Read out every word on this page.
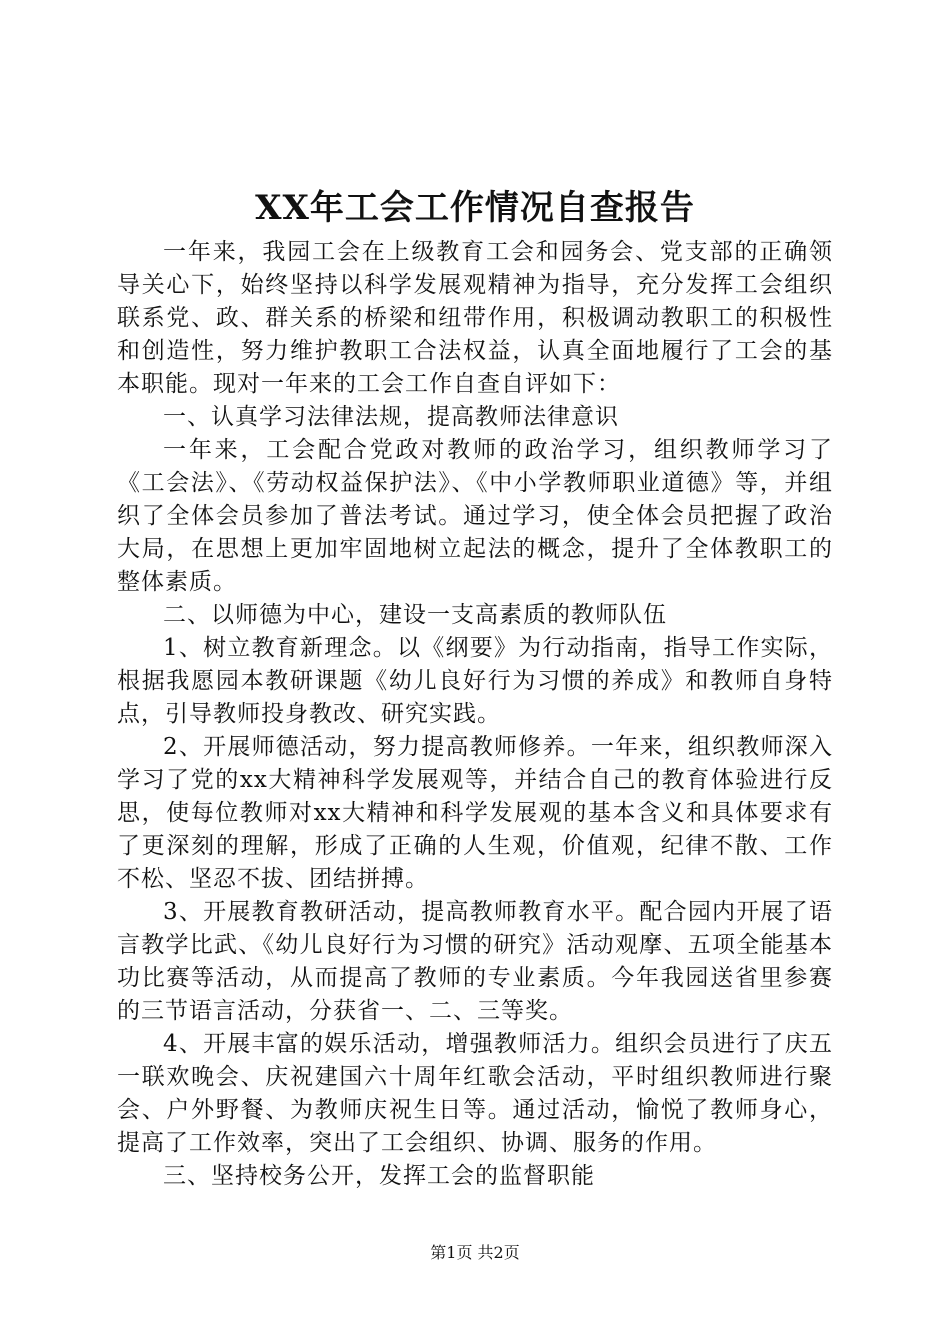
XX年工会工作情况自查报告

一年来，我园工会在上级教育工会和园务会、党支部的正确领导关心下，始终坚持以科学发展观精神为指导，充分发挥工会组织联系党、政、群关系的桥梁和纽带作用，积极调动教职工的积极性和创造性，努力维护教职工合法权益，认真全面地履行了工会的基本职能。现对一年来的工会工作自查自评如下：

一、认真学习法律法规，提高教师法律意识

一年来，工会配合党政对教师的政治学习，组织教师学习了《工会法》、《劳动权益保护法》、《中小学教师职业道德》等，并组织了全体会员参加了普法考试。通过学习，使全体会员把握了政治大局，在思想上更加牢固地树立起法的概念，提升了全体教职工的整体素质。

二、以师德为中心，建设一支高素质的教师队伍

1、树立教育新理念。以《纲要》为行动指南，指导工作实际，根据我愿园本教研课题《幼儿良好行为习惯的养成》和教师自身特点，引导教师投身教改、研究实践。

2、开展师德活动，努力提高教师修养。一年来，组织教师深入学习了党的xx大精神科学发展观等，并结合自己的教育体验进行反思，使每位教师对xx大精神和科学发展观的基本含义和具体要求有了更深刻的理解，形成了正确的人生观，价值观，纪律不散、工作不松、坚忍不拔、团结拼搏。

3、开展教育教研活动，提高教师教育水平。配合园内开展了语言教学比武、《幼儿良好行为习惯的研究》活动观摩、五项全能基本功比赛等活动，从而提高了教师的专业素质。今年我园送省里参赛的三节语言活动，分获省一、二、三等奖。

4、开展丰富的娱乐活动，增强教师活力。组织会员进行了庆五一联欢晚会、庆祝建国六十周年红歌会活动，平时组织教师进行聚会、户外野餐、为教师庆祝生日等。通过活动，愉悦了教师身心，提高了工作效率，突出了工会组织、协调、服务的作用。

三、坚持校务公开，发挥工会的监督职能

第1页 共2页
